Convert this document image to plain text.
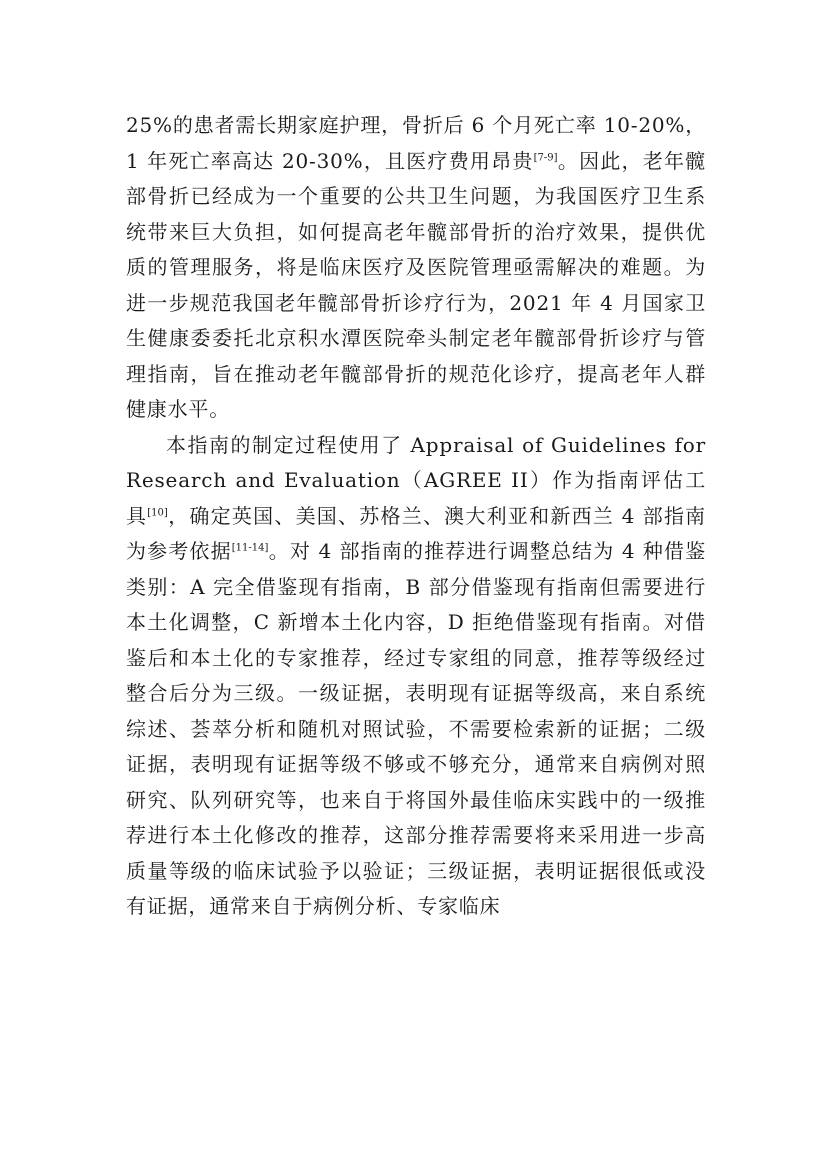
25%的患者需长期家庭护理，骨折后 6 个月死亡率 10-20%，1 年死亡率高达 20-30%，且医疗费用昂贵[7-9]。因此，老年髋部骨折已经成为一个重要的公共卫生问题，为我国医疗卫生系统带来巨大负担，如何提高老年髋部骨折的治疗效果，提供优质的管理服务，将是临床医疗及医院管理亟需解决的难题。为进一步规范我国老年髋部骨折诊疗行为，2021 年 4 月国家卫生健康委委托北京积水潭医院牵头制定老年髋部骨折诊疗与管理指南，旨在推动老年髋部骨折的规范化诊疗，提高老年人群健康水平。

本指南的制定过程使用了 Appraisal of Guidelines for Research and Evaluation（AGREE II）作为指南评估工具[10]，确定英国、美国、苏格兰、澳大利亚和新西兰 4 部指南为参考依据[11-14]。对 4 部指南的推荐进行调整总结为 4 种借鉴类别：A 完全借鉴现有指南，B 部分借鉴现有指南但需要进行本土化调整，C 新增本土化内容，D 拒绝借鉴现有指南。对借鉴后和本土化的专家推荐，经过专家组的同意，推荐等级经过整合后分为三级。一级证据，表明现有证据等级高，来自系统综述、荟萃分析和随机对照试验，不需要检索新的证据；二级证据，表明现有证据等级不够或不够充分，通常来自病例对照研究、队列研究等，也来自于将国外最佳临床实践中的一级推荐进行本土化修改的推荐，这部分推荐需要将来采用进一步高质量等级的临床试验予以验证；三级证据，表明证据很低或没有证据，通常来自于病例分析、专家临床
